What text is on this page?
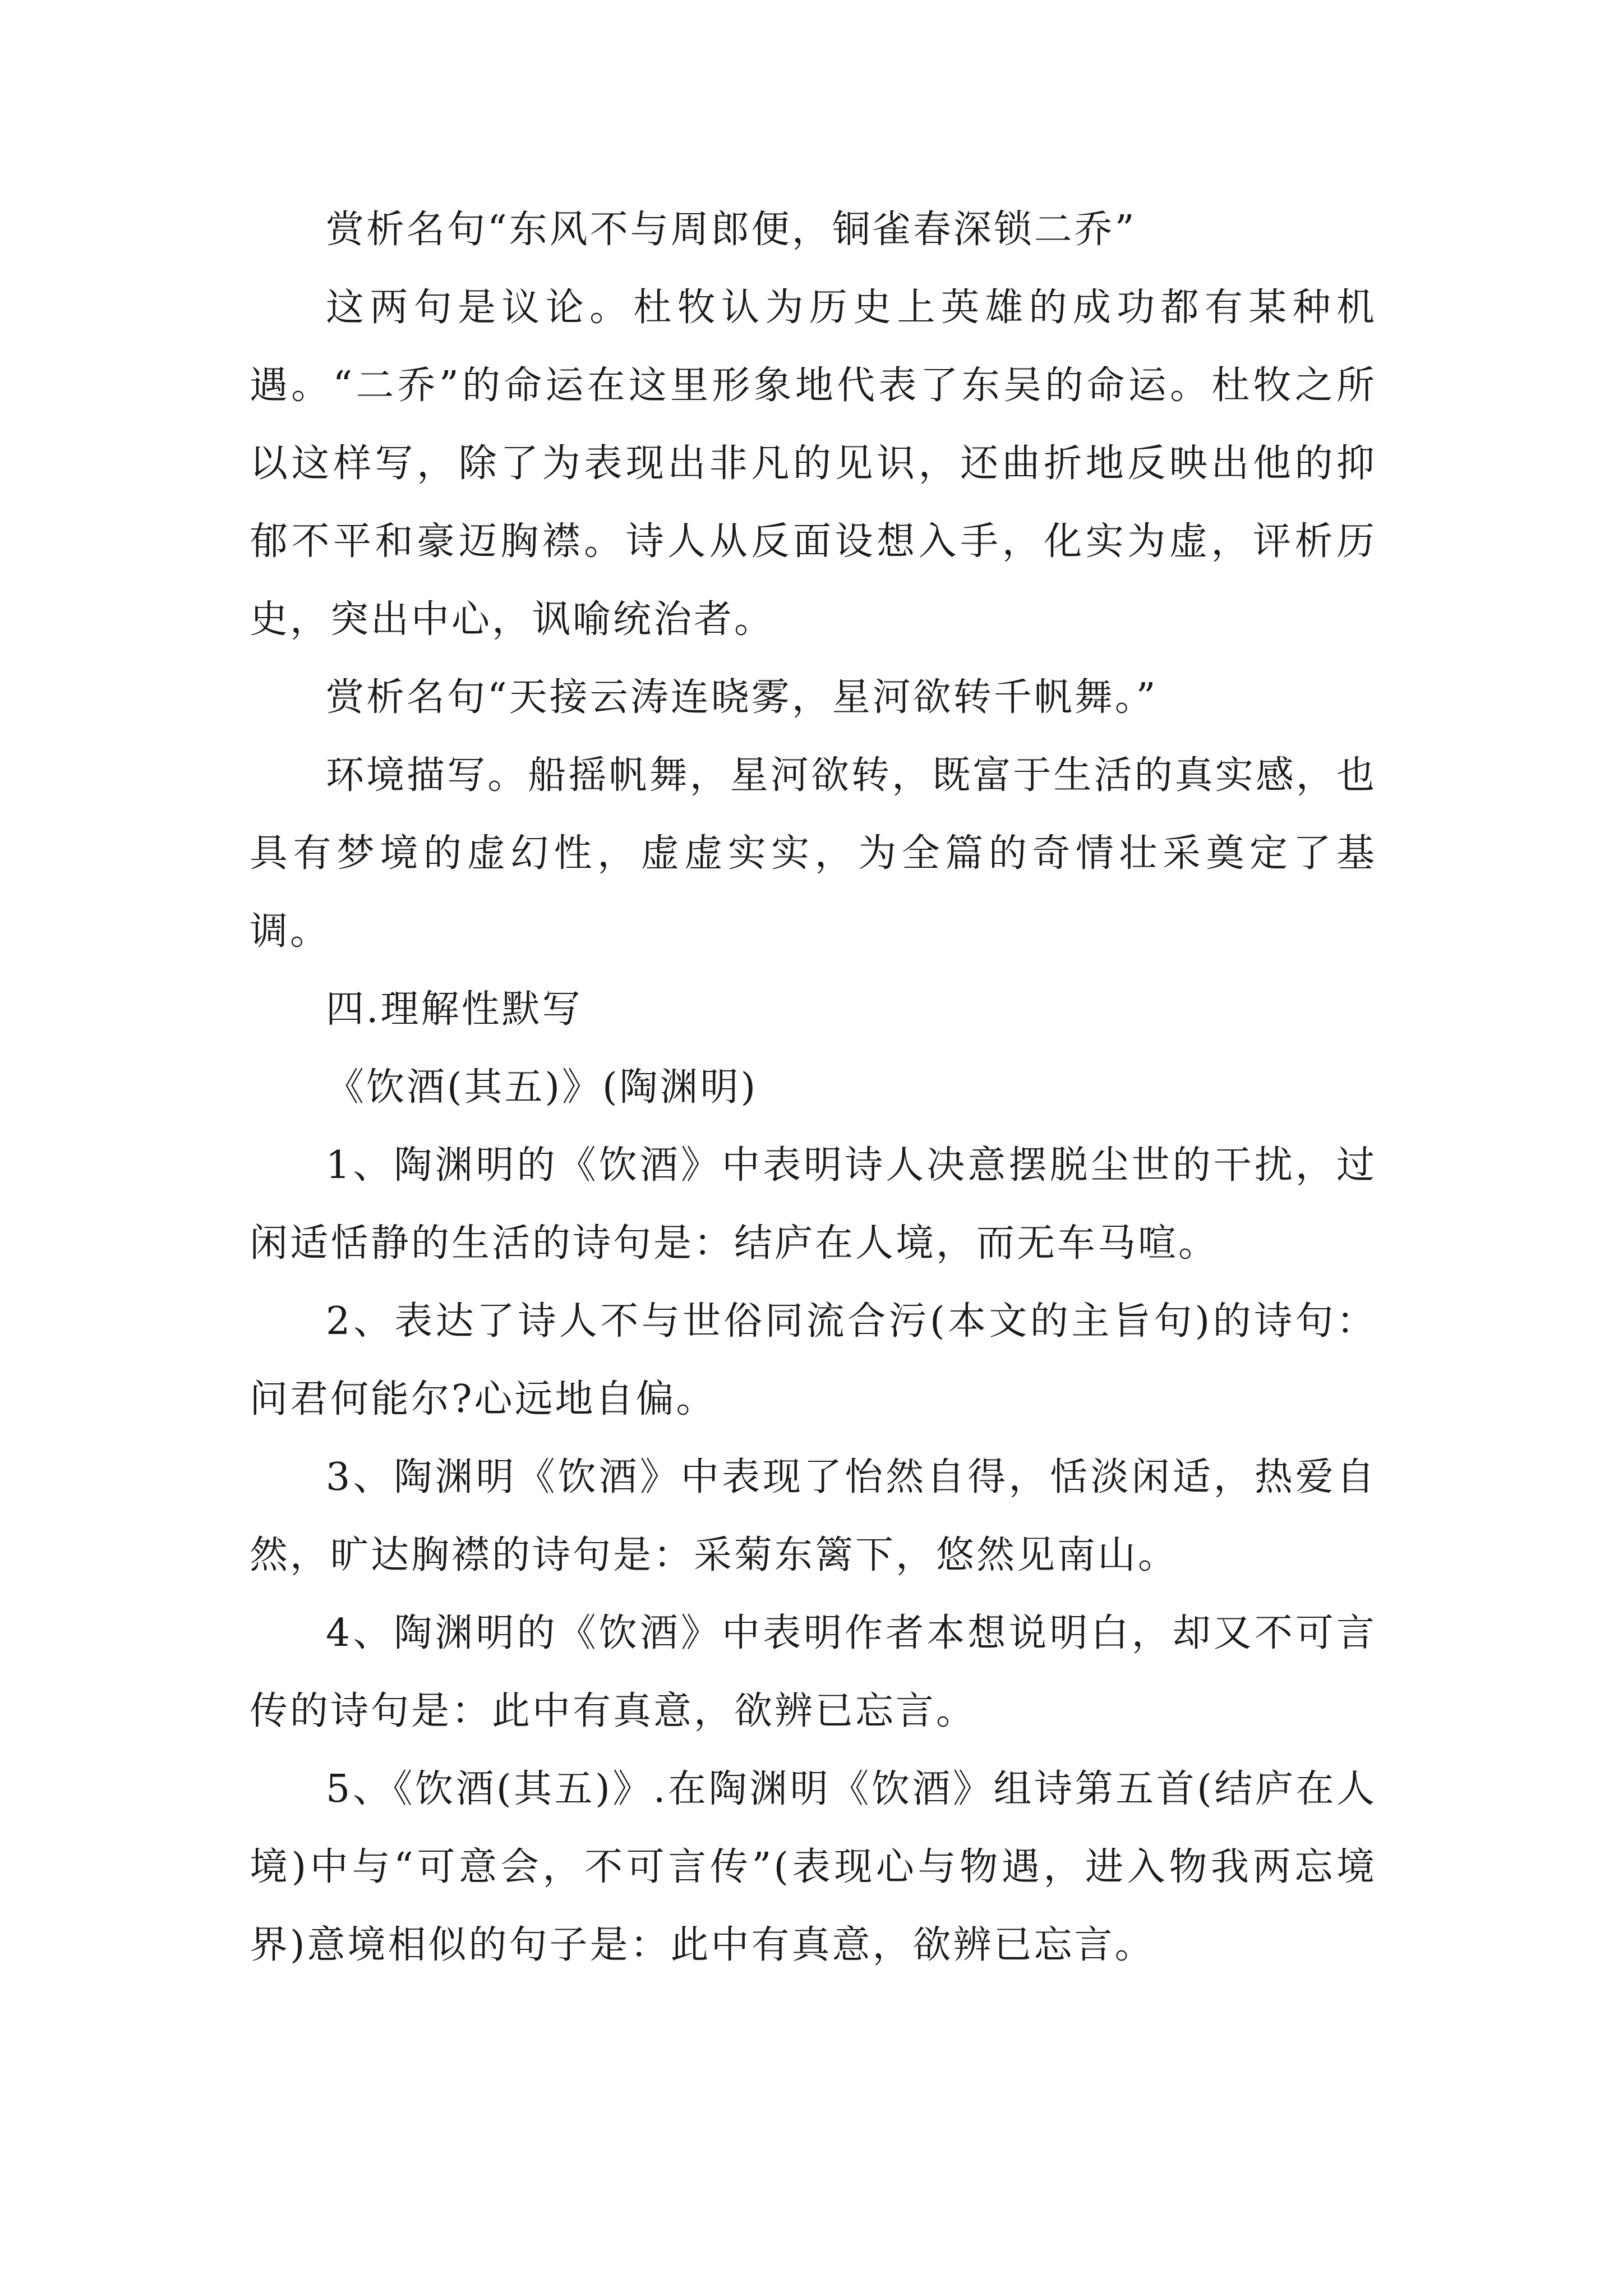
赏析名句“东风不与周郎便，铜雀春深锁二乔”

这两句是议论。杜牧认为历史上英雄的成功都有某种机遇。“二乔”的命运在这里形象地代表了东吴的命运。杜牧之所以这样写，除了为表现出非凡的见识，还曲折地反映出他的抑郁不平和豪迈胸襟。诗人从反面设想入手，化实为虚，评析历史，突出中心，讽喻统治者。

赏析名句“天接云涛连晓雾，星河欲转千帆舞。”

环境描写。船摇帆舞，星河欲转，既富于生活的真实感，也具有梦境的虚幻性，虚虚实实，为全篇的奇情壮采奠定了基调。

四.理解性默写

《饮酒(其五)》(陶渊明)

1、陶渊明的《饮酒》中表明诗人决意摆脱尘世的干扰，过闲适恬静的生活的诗句是：结庐在人境，而无车马喧。

2、表达了诗人不与世俗同流合污(本文的主旨句)的诗句：问君何能尔?心远地自偏。

3、陶渊明《饮酒》中表现了怡然自得，恬淡闲适，热爱自然，旷达胸襟的诗句是：采菊东篱下，悠然见南山。

4、陶渊明的《饮酒》中表明作者本想说明白，却又不可言传的诗句是：此中有真意，欲辨已忘言。

5、《饮酒(其五)》.在陶渊明《饮酒》组诗第五首(结庐在人境)中与“可意会，不可言传”(表现心与物遇，进入物我两忘境界)意境相似的句子是：此中有真意，欲辨已忘言。
